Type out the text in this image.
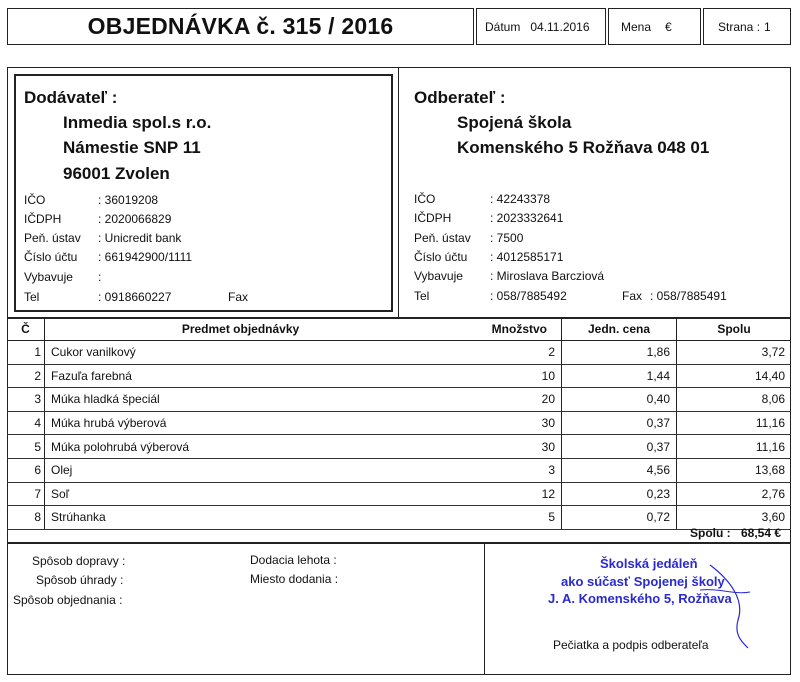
OBJEDNÁVKA č. 315 / 2016	Dátum 04.11.2016	Mena €	Strana : 1
Dodávateľ :
Inmedia spol.s r.o.
Námestie SNP 11
96001 Zvolen
IČO	: 36019208
IČDPH	: 2020066829
Peň. ústav : Unicredit bank
Číslo účtu : 661942900/1111
Vybavuje :
Tel	: 0918660227	Fax
Odberateľ :
Spojená škola
Komenského 5 Rožňava 048 01
IČO	: 42243378
IČDPH	: 2023332641
Peň. ústav : 7500
Číslo účtu : 4012585171
Vybavuje : Miroslava Barcziová
Tel	: 058/7885492	Fax : 058/7885491
Č	Predmet objednávky	Množstvo	Jedn. cena	Spolu
1	Cukor vanilkový	2	1,86	3,72
2	Fazuľa farebná	10	1,44	14,40
3	Múka hladká špeciál	20	0,40	8,06
4	Múka hrubá výberová	30	0,37	11,16
5	Múka polohrubá výberová	30	0,37	11,16
6	Olej	3	4,56	13,68
7	Soľ	12	0,23	2,76
8	Strúhanka	5	0,72	3,60
Spolu : 68,54 €
Spôsob dopravy :
Spôsob úhrady :
Spôsob objednania :
Dodacia lehota :
Miesto dodania :
Školská jedáleň
ako súčasť Spojenej školy
J. A. Komenského 5, Rožňava
Pečiatka a podpis odberateľa
